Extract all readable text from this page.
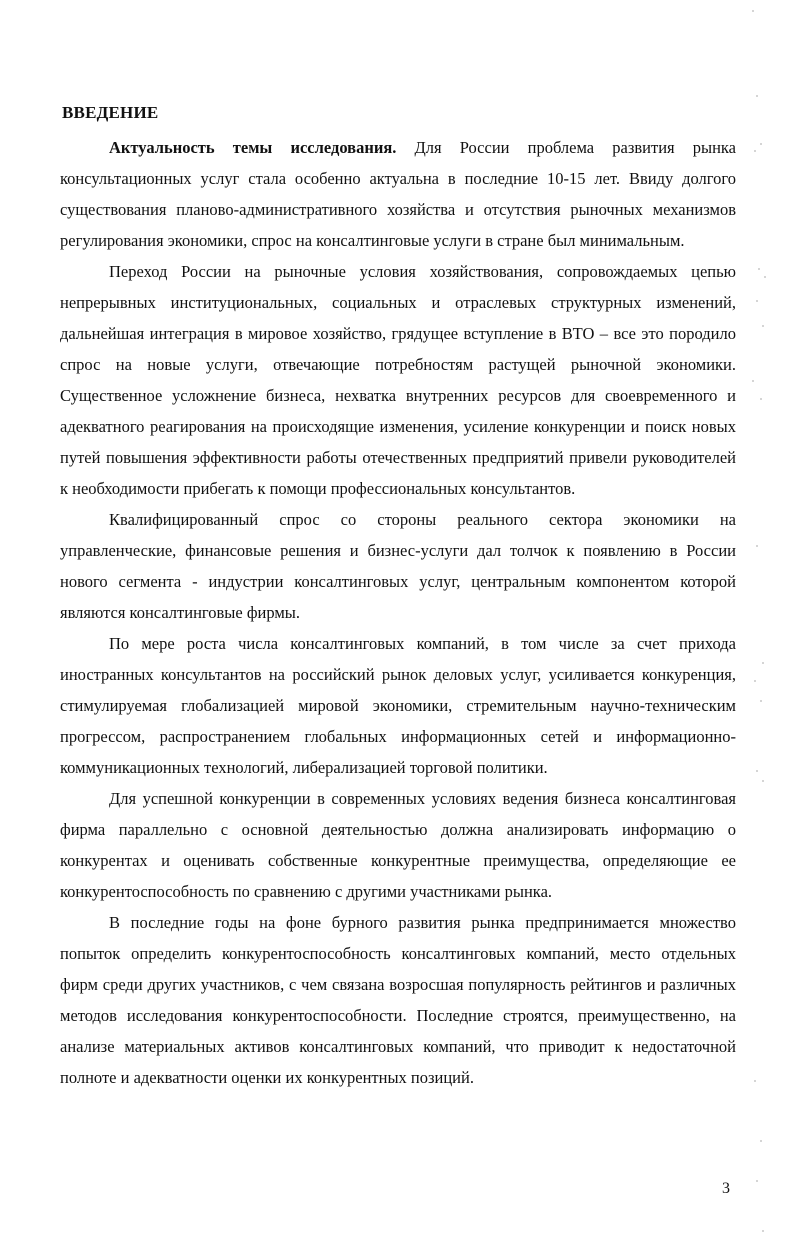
ВВЕДЕНИЕ

Актуальность темы исследования. Для России проблема развития рынка консультационных услуг стала особенно актуальна в последние 10-15 лет. Ввиду долгого существования планово-административного хозяйства и отсутствия рыночных механизмов регулирования экономики, спрос на консалтинговые услуги в стране был минимальным.

Переход России на рыночные условия хозяйствования, сопровождаемых цепью непрерывных институциональных, социальных и отраслевых структурных изменений, дальнейшая интеграция в мировое хозяйство, грядущее вступление в ВТО – все это породило спрос на новые услуги, отвечающие потребностям растущей рыночной экономики. Существенное усложнение бизнеса, нехватка внутренних ресурсов для своевременного и адекватного реагирования на происходящие изменения, усиление конкуренции и поиск новых путей повышения эффективности работы отечественных предприятий привели руководителей к необходимости прибегать к помощи профессиональных консультантов.

Квалифицированный спрос со стороны реального сектора экономики на управленческие, финансовые решения и бизнес-услуги дал толчок к появлению в России нового сегмента - индустрии консалтинговых услуг, центральным компонентом которой являются консалтинговые фирмы.

По мере роста числа консалтинговых компаний, в том числе за счет прихода иностранных консультантов на российский рынок деловых услуг, усиливается конкуренция, стимулируемая глобализацией мировой экономики, стремительным научно-техническим прогрессом, распространением глобальных информационных сетей и информационно-коммуникационных технологий, либерализацией торговой политики.

Для успешной конкуренции в современных условиях ведения бизнеса консалтинговая фирма параллельно с основной деятельностью должна анализировать информацию о конкурентах и оценивать собственные конкурентные преимущества, определяющие ее конкурентоспособность по сравнению с другими участниками рынка.

В последние годы на фоне бурного развития рынка предпринимается множество попыток определить конкурентоспособность консалтинговых компаний, место отдельных фирм среди других участников, с чем связана возросшая популярность рейтингов и различных методов исследования конкурентоспособности. Последние строятся, преимущественно, на анализе материальных активов консалтинговых компаний, что приводит к недостаточной полноте и адекватности оценки их конкурентных позиций.

3
